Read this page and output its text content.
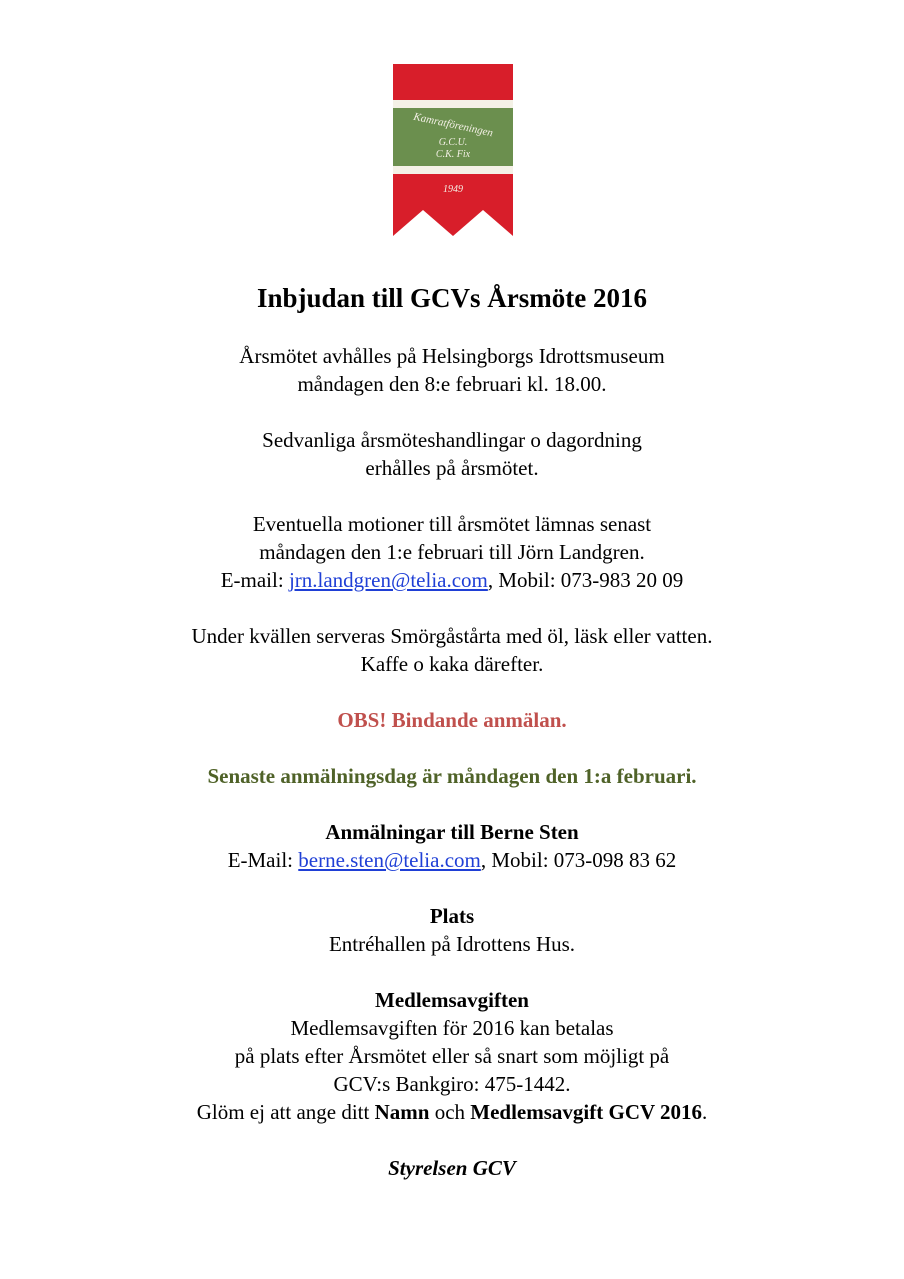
Kamratföreningen
G.C.U.
C.K. Fix
1949
Inbjudan till GCVs Årsmöte 2016
Årsmötet avhålles på Helsingborgs Idrottsmuseum
måndagen den 8:e februari kl. 18.00.
Sedvanliga årsmöteshandlingar o dagordning
erhålles på årsmötet.
Eventuella motioner till årsmötet lämnas senast
måndagen den 1:e februari till Jörn Landgren.
E-mail: jrn.landgren@telia.com, Mobil: 073-983 20 09
Under kvällen serveras Smörgåstårta med öl, läsk eller vatten.
Kaffe o kaka därefter.
OBS! Bindande anmälan.
Senaste anmälningsdag är måndagen den 1:a februari.
Anmälningar till Berne Sten
E-Mail: berne.sten@telia.com, Mobil: 073-098 83 62
Plats
Entréhallen på Idrottens Hus.
Medlemsavgiften
Medlemsavgiften för 2016 kan betalas
på plats efter Årsmötet eller så snart som möjligt på
GCV:s Bankgiro: 475-1442.
Glöm ej att ange ditt Namn och Medlemsavgift GCV 2016.
Styrelsen GCV
